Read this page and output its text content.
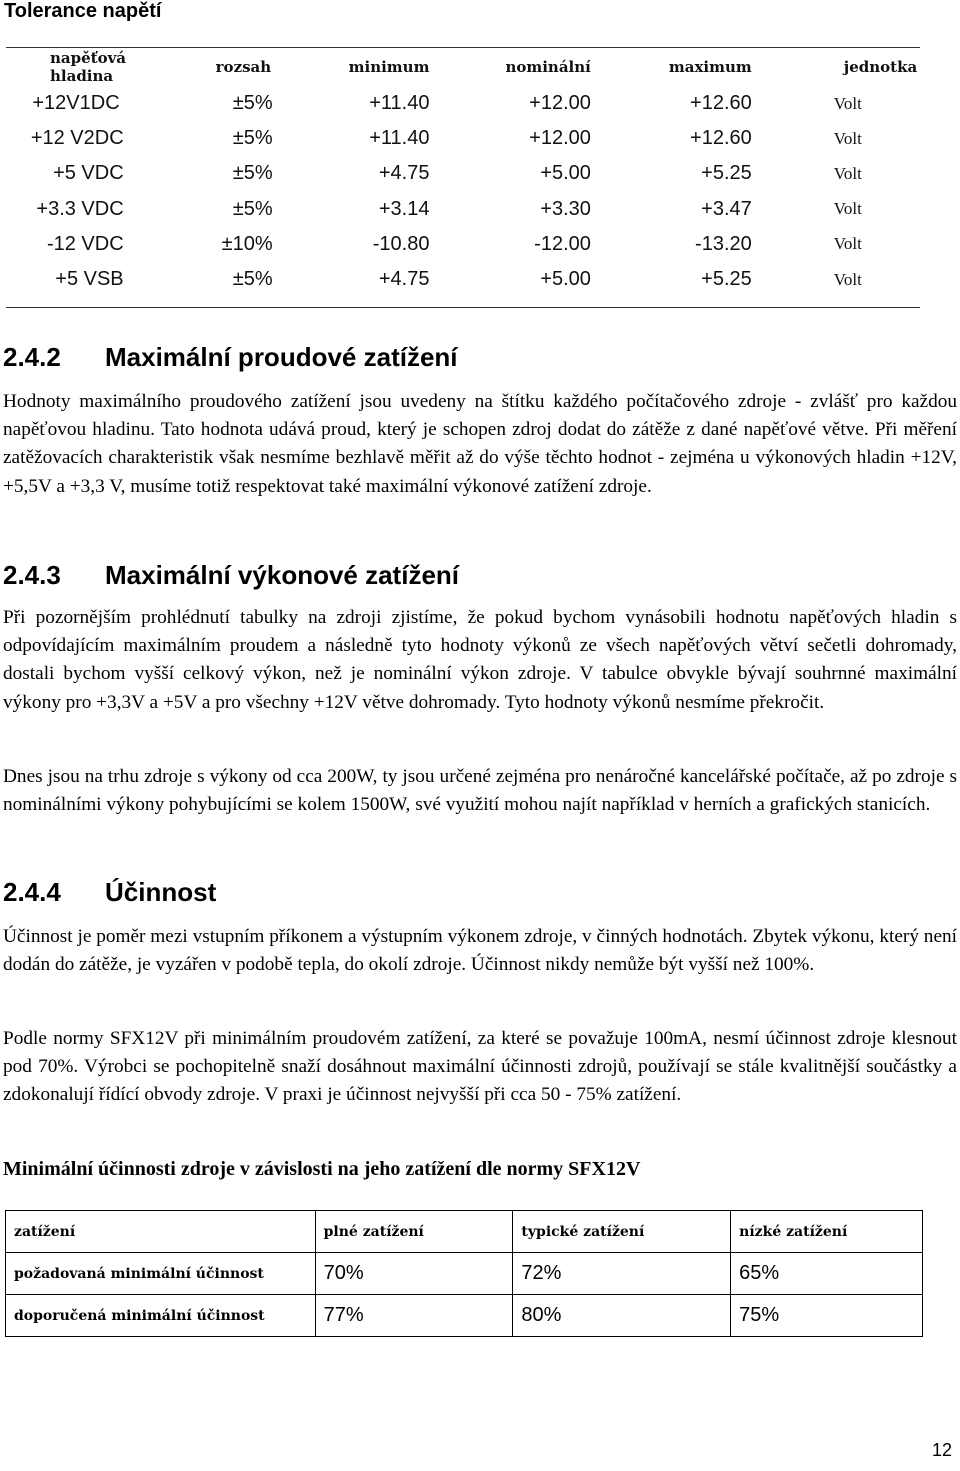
Tolerance napětí
napěťová hladina	rozsah	minimum	nominální	maximum	jednotka
+12V1DC	±5%	+11.40	+12.00	+12.60	Volt
+12 V2DC	±5%	+11.40	+12.00	+12.60	Volt
+5 VDC	±5%	+4.75	+5.00	+5.25	Volt
+3.3 VDC	±5%	+3.14	+3.30	+3.47	Volt
-12 VDC	±10%	-10.80	-12.00	-13.20	Volt
+5 VSB	±5%	+4.75	+5.00	+5.25	Volt
2.4.2 Maximální proudové zatížení
Hodnoty maximálního proudového zatížení jsou uvedeny na štítku každého počítačového zdroje - zvlášť pro každou napěťovou hladinu. Tato hodnota udává proud, který je schopen zdroj dodat do zátěže z dané napěťové větve. Při měření zatěžovacích charakteristik však nesmíme bezhlavě měřit až do výše těchto hodnot - zejména u výkonových hladin +12V, +5,5V a +3,3 V, musíme totiž respektovat také maximální výkonové zatížení zdroje.
2.4.3 Maximální výkonové zatížení
Při pozornějším prohlédnutí tabulky na zdroji zjistíme, že pokud bychom vynásobili hodnotu napěťových hladin s odpovídajícím maximálním proudem a následně tyto hodnoty výkonů ze všech napěťových větví sečetli dohromady, dostali bychom vyšší celkový výkon, než je nominální výkon zdroje. V tabulce obvykle bývají souhrnné maximální výkony pro +3,3V a +5V a pro všechny +12V větve dohromady. Tyto hodnoty výkonů nesmíme překročit.
Dnes jsou na trhu zdroje s výkony od cca 200W, ty jsou určené zejména pro nenáročné kancelářské počítače, až po zdroje s nominálními výkony pohybujícími se kolem 1500W, své využití mohou najít například v herních a grafických stanicích.
2.4.4 Účinnost
Účinnost je poměr mezi vstupním příkonem a výstupním výkonem zdroje, v činných hodnotách. Zbytek výkonu, který není dodán do zátěže, je vyzářen v podobě tepla, do okolí zdroje. Účinnost nikdy nemůže být vyšší než 100%.
Podle normy SFX12V při minimálním proudovém zatížení, za které se považuje 100mA, nesmí účinnost zdroje klesnout pod 70%. Výrobci se pochopitelně snaží dosáhnout maximální účinnosti zdrojů, používají se stále kvalitnější součástky a zdokonalují řídící obvody zdroje. V praxi je účinnost nejvyšší při cca 50 - 75% zatížení.
Minimální účinnosti zdroje v závislosti na jeho zatížení dle normy SFX12V
zatížení	plné zatížení	typické zatížení	nízké zatížení
požadovaná minimální účinnost	70%	72%	65%
doporučená minimální účinnost	77%	80%	75%
12
